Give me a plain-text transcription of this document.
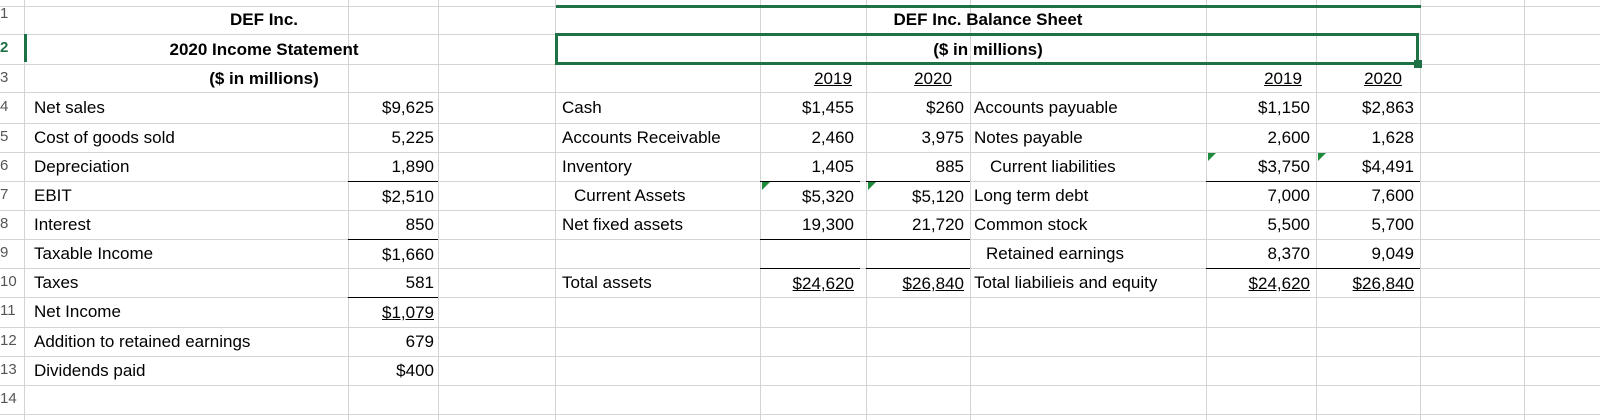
1
2
3
4
5
6
7
8
9
10
11
12
13
14
DEF Inc.
2020 Income Statement
($ in millions)
Net sales	$9,625
Cost of goods sold	5,225
Depreciation	1,890
EBIT	$2,510
Interest	850
Taxable Income	$1,660
Taxes	581
Net Income	$1,079
Addition to retained earnings	679
Dividends paid	$400
DEF Inc. Balance Sheet
($ in millions)
2019	2020	2019	2020
Cash	$1,455	$260
Accounts Receivable	2,460	3,975
Inventory	1,405	885
Current Assets	$5,320	$5,120
Net fixed assets	19,300	21,720
Total assets	$24,620	$26,840
Accounts payuable	$1,150	$2,863
Notes payable	2,600	1,628
Current liabilities	$3,750	$4,491
Long term debt	7,000	7,600
Common stock	5,500	5,700
Retained earnings	8,370	9,049
Total liabilieis and equity	$24,620	$26,840
